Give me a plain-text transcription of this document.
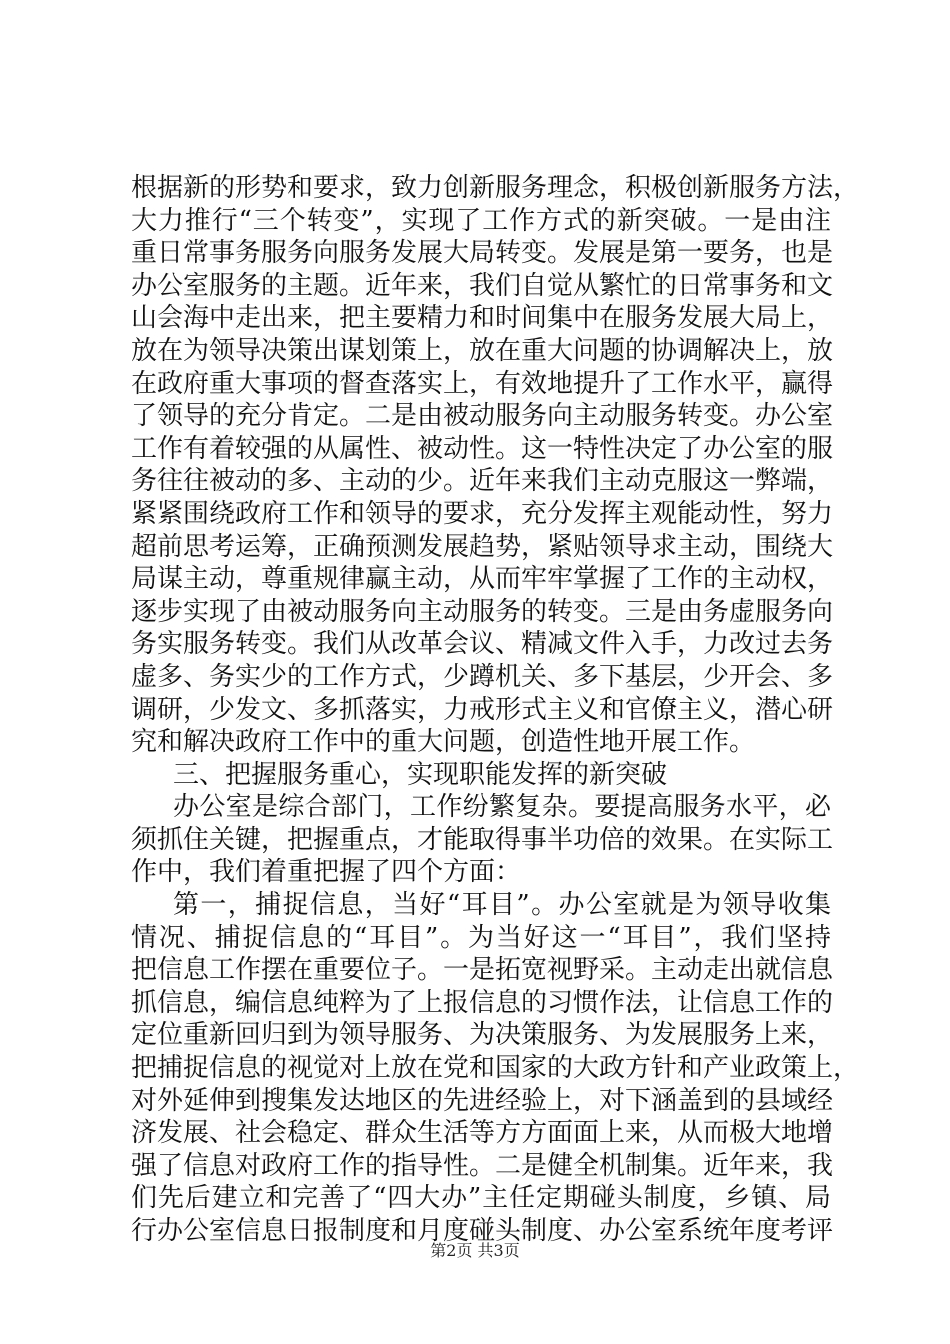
根据新的形势和要求，致力创新服务理念，积极创新服务方法，
大力推行“三个转变”，实现了工作方式的新突破。一是由注
重日常事务服务向服务发展大局转变。发展是第一要务，也是
办公室服务的主题。近年来，我们自觉从繁忙的日常事务和文
山会海中走出来，把主要精力和时间集中在服务发展大局上，
放在为领导决策出谋划策上，放在重大问题的协调解决上，放
在政府重大事项的督查落实上，有效地提升了工作水平，赢得
了领导的充分肯定。二是由被动服务向主动服务转变。办公室
工作有着较强的从属性、被动性。这一特性决定了办公室的服
务往往被动的多、主动的少。近年来我们主动克服这一弊端，
紧紧围绕政府工作和领导的要求，充分发挥主观能动性，努力
超前思考运筹，正确预测发展趋势，紧贴领导求主动，围绕大
局谋主动，尊重规律赢主动，从而牢牢掌握了工作的主动权，
逐步实现了由被动服务向主动服务的转变。三是由务虚服务向
务实服务转变。我们从改革会议、精减文件入手，力改过去务
虚多、务实少的工作方式，少蹲机关、多下基层，少开会、多
调研，少发文、多抓落实，力戒形式主义和官僚主义，潜心研
究和解决政府工作中的重大问题，创造性地开展工作。
三、把握服务重心，实现职能发挥的新突破
办公室是综合部门，工作纷繁复杂。要提高服务水平，必
须抓住关键，把握重点，才能取得事半功倍的效果。在实际工
作中，我们着重把握了四个方面：
第一，捕捉信息，当好“耳目”。办公室就是为领导收集
情况、捕捉信息的“耳目”。为当好这一“耳目”，我们坚持
把信息工作摆在重要位子。一是拓宽视野采。主动走出就信息
抓信息，编信息纯粹为了上报信息的习惯作法，让信息工作的
定位重新回归到为领导服务、为决策服务、为发展服务上来，
把捕捉信息的视觉对上放在党和国家的大政方针和产业政策上，
对外延伸到搜集发达地区的先进经验上，对下涵盖到的县域经
济发展、社会稳定、群众生活等方方面面上来，从而极大地增
强了信息对政府工作的指导性。二是健全机制集。近年来，我
们先后建立和完善了“四大办”主任定期碰头制度，乡镇、局
行办公室信息日报制度和月度碰头制度、办公室系统年度考评
第2页 共3页
